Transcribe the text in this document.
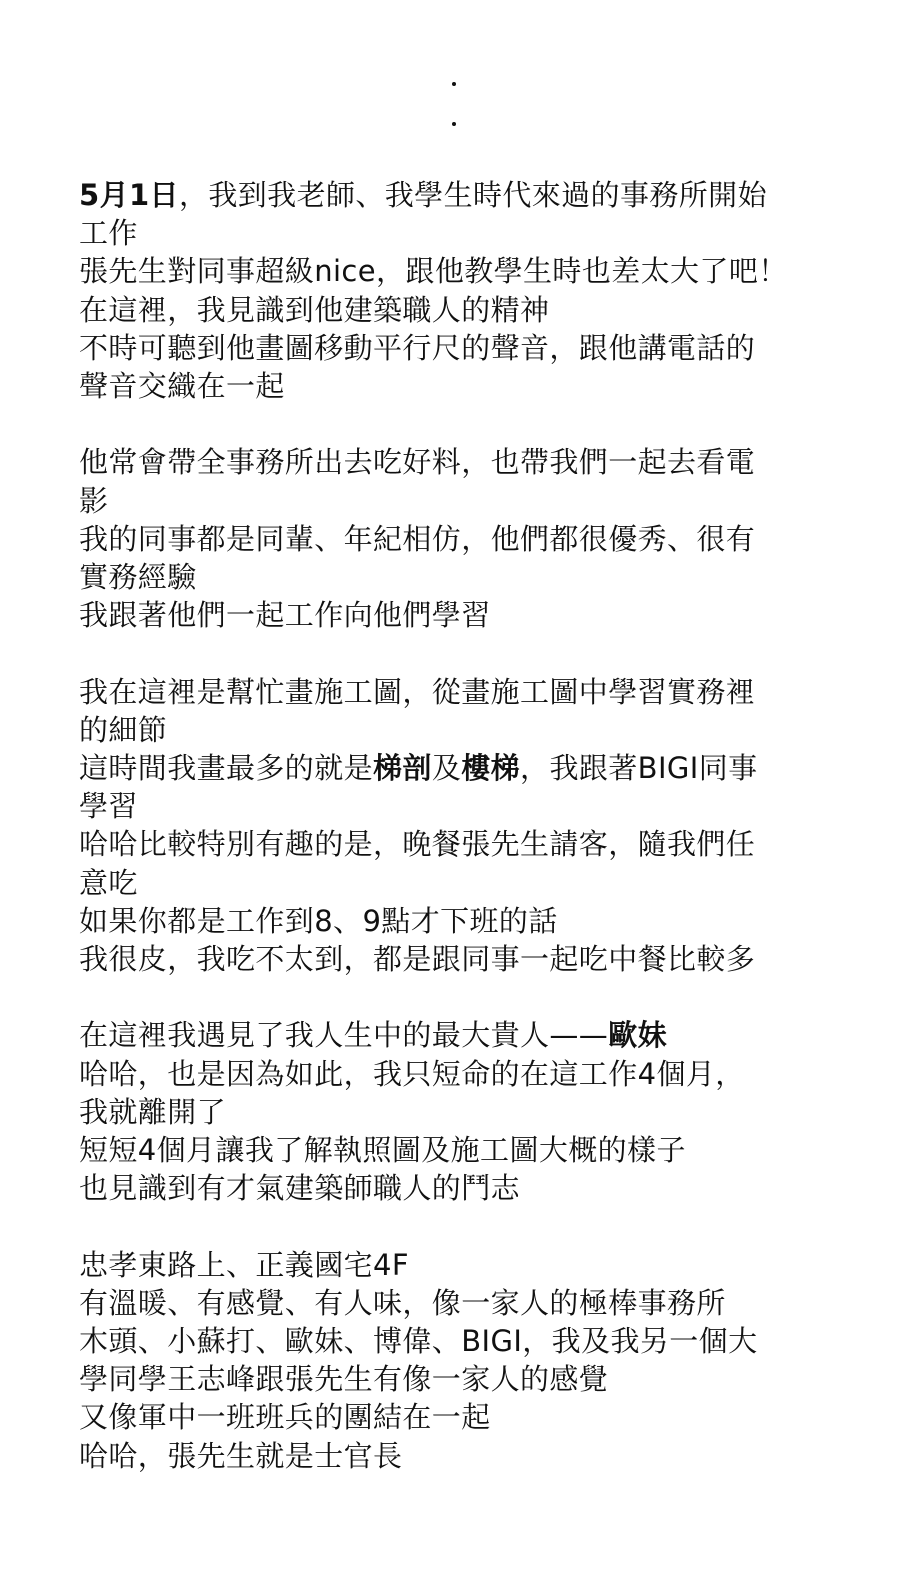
5月1日，我到我老師、我學生時代來過的事務所開始
工作
張先生對同事超級nice，跟他教學生時也差太大了吧！
在這裡，我見識到他建築職人的精神
不時可聽到他畫圖移動平行尺的聲音，跟他講電話的
聲音交織在一起
他常會帶全事務所出去吃好料，也帶我們一起去看電
影
我的同事都是同輩、年紀相仿，他們都很優秀、很有
實務經驗
我跟著他們一起工作向他們學習
我在這裡是幫忙畫施工圖，從畫施工圖中學習實務裡
的細節
這時間我畫最多的就是梯剖及樓梯，我跟著BIGI同事
學習
哈哈比較特別有趣的是，晚餐張先生請客，隨我們任
意吃
如果你都是工作到8、9點才下班的話
我很皮，我吃不太到，都是跟同事一起吃中餐比較多
在這裡我遇見了我人生中的最大貴人——歐妹
哈哈，也是因為如此，我只短命的在這工作4個月，
我就離開了
短短4個月讓我了解執照圖及施工圖大概的樣子
也見識到有才氣建築師職人的鬥志
忠孝東路上、正義國宅4F
有溫暖、有感覺、有人味，像一家人的極棒事務所
木頭、小蘇打、歐妹、博偉、BIGI，我及我另一個大
學同學王志峰跟張先生有像一家人的感覺
又像軍中一班班兵的團結在一起
哈哈，張先生就是士官長
